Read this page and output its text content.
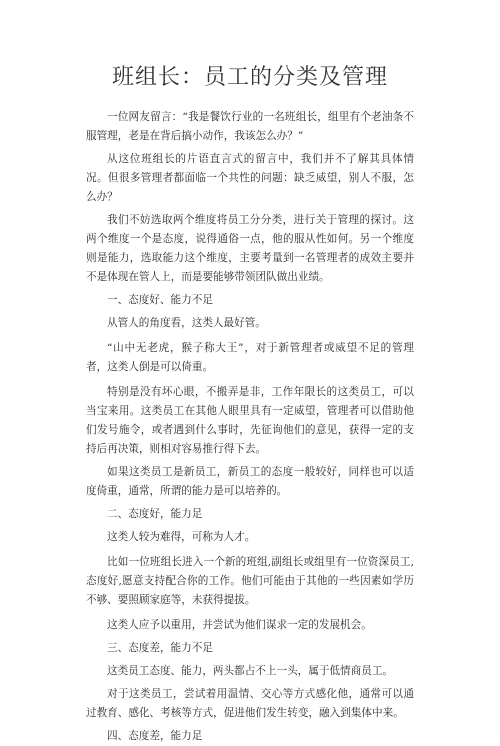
班组长：员工的分类及管理

一位网友留言：“我是餐饮行业的一名班组长，组里有个老油条不服管理，老是在背后搞小动作，我该怎么办？”

从这位班组长的片语直言式的留言中，我们并不了解其具体情况。但很多管理者都面临一个共性的问题：缺乏威望，别人不服，怎么办？

我们不妨选取两个维度将员工分分类，进行关于管理的探讨。这两个维度一个是态度，说得通俗一点，他的服从性如何。另一个维度则是能力，选取能力这个维度，主要考量到一名管理者的成效主要并不是体现在管人上，而是要能够带领团队做出业绩。

一、态度好、能力不足

从管人的角度看，这类人最好管。

“山中无老虎，猴子称大王”，对于新管理者或威望不足的管理者，这类人倒是可以倚重。

特别是没有坏心眼，不搬弄是非，工作年限长的这类员工，可以当宝来用。这类员工在其他人眼里具有一定威望，管理者可以借助他们发号施令，或者遇到什么事时，先征询他们的意见，获得一定的支持后再决策，则相对容易推行得下去。

如果这类员工是新员工，新员工的态度一般较好，同样也可以适度倚重，通常，所谓的能力是可以培养的。

二、态度好，能力足

这类人较为难得，可称为人才。

比如一位班组长进入一个新的班组,副组长或组里有一位资深员工,态度好,愿意支持配合你的工作。他们可能由于其他的一些因素如学历不够、要照顾家庭等，未获得提拔。

这类人应予以重用，并尝试为他们谋求一定的发展机会。

三、态度差，能力不足

这类员工态度、能力，两头都占不上一头，属于低情商员工。

对于这类员工，尝试着用温情、交心等方式感化他，通常可以通过教育、感化、考核等方式，促进他们发生转变，融入到集体中来。

四、态度差，能力足
